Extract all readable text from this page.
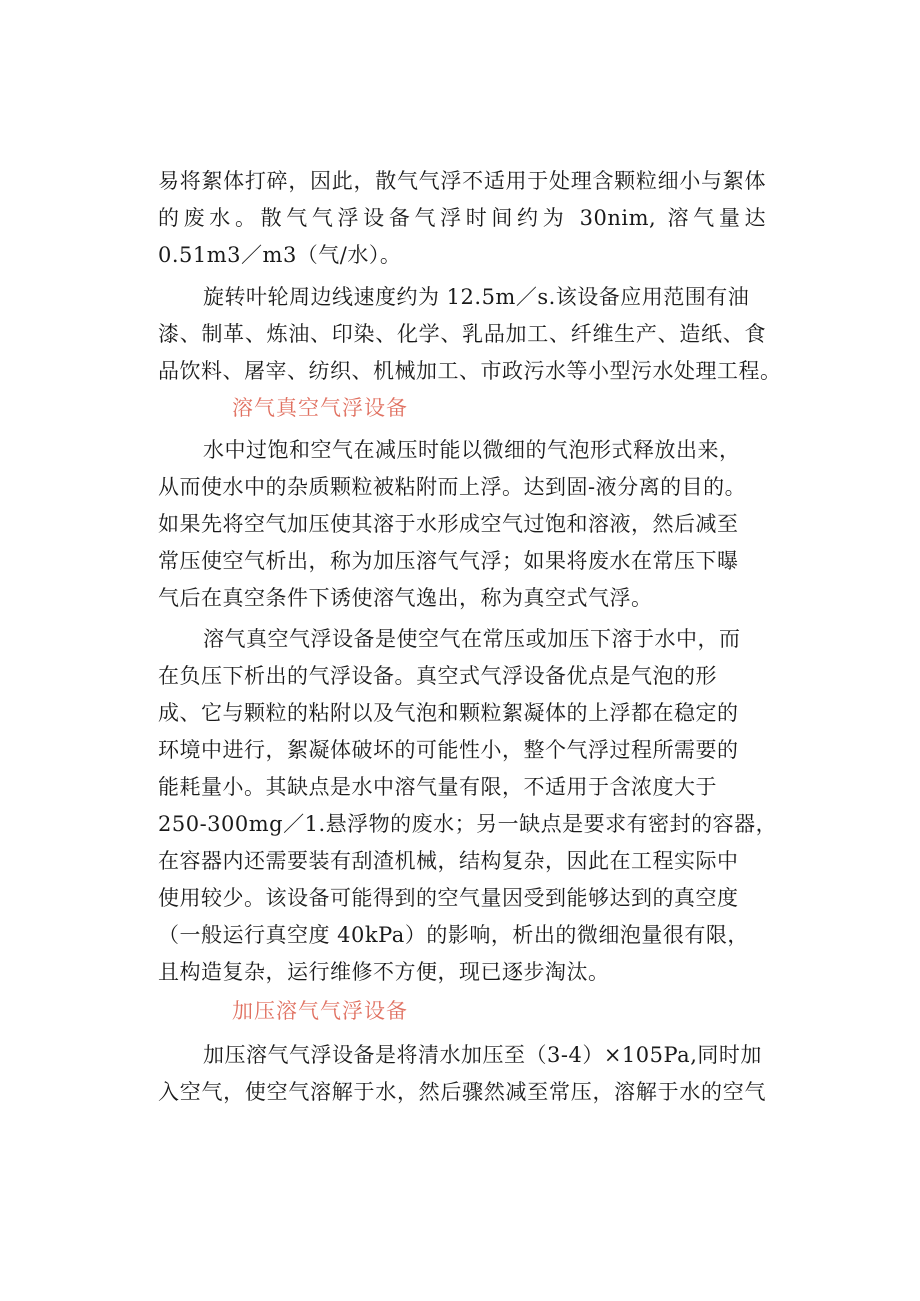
易将絮体打碎，因此，散气气浮不适用于处理含颗粒细小与絮体
的废水。散气气浮设备气浮时间约为 30nim, 溶气量达
0.51m3／m3（气/水）。
旋转叶轮周边线速度约为 12.5m／s.该设备应用范围有油
漆、制革、炼油、印染、化学、乳品加工、纤维生产、造纸、食
品饮料、屠宰、纺织、机械加工、市政污水等小型污水处理工程。
溶气真空气浮设备
水中过饱和空气在减压时能以微细的气泡形式释放出来，
从而使水中的杂质颗粒被粘附而上浮。达到固-液分离的目的。
如果先将空气加压使其溶于水形成空气过饱和溶液，然后减至
常压使空气析出，称为加压溶气气浮；如果将废水在常压下曝
气后在真空条件下诱使溶气逸出，称为真空式气浮。
溶气真空气浮设备是使空气在常压或加压下溶于水中，而
在负压下析出的气浮设备。真空式气浮设备优点是气泡的形
成、它与颗粒的粘附以及气泡和颗粒絮凝体的上浮都在稳定的
环境中进行，絮凝体破坏的可能性小，整个气浮过程所需要的
能耗量小。其缺点是水中溶气量有限，不适用于含浓度大于
250-300mg／1.悬浮物的废水；另一缺点是要求有密封的容器，
在容器内还需要装有刮渣机械，结构复杂，因此在工程实际中
使用较少。该设备可能得到的空气量因受到能够达到的真空度
（一般运行真空度 40kPa）的影响，析出的微细泡量很有限，
且构造复杂，运行维修不方便，现已逐步淘汰。
加压溶气气浮设备
加压溶气气浮设备是将清水加压至（3-4）×105Pa,同时加
入空气，使空气溶解于水，然后骤然减至常压，溶解于水的空气
